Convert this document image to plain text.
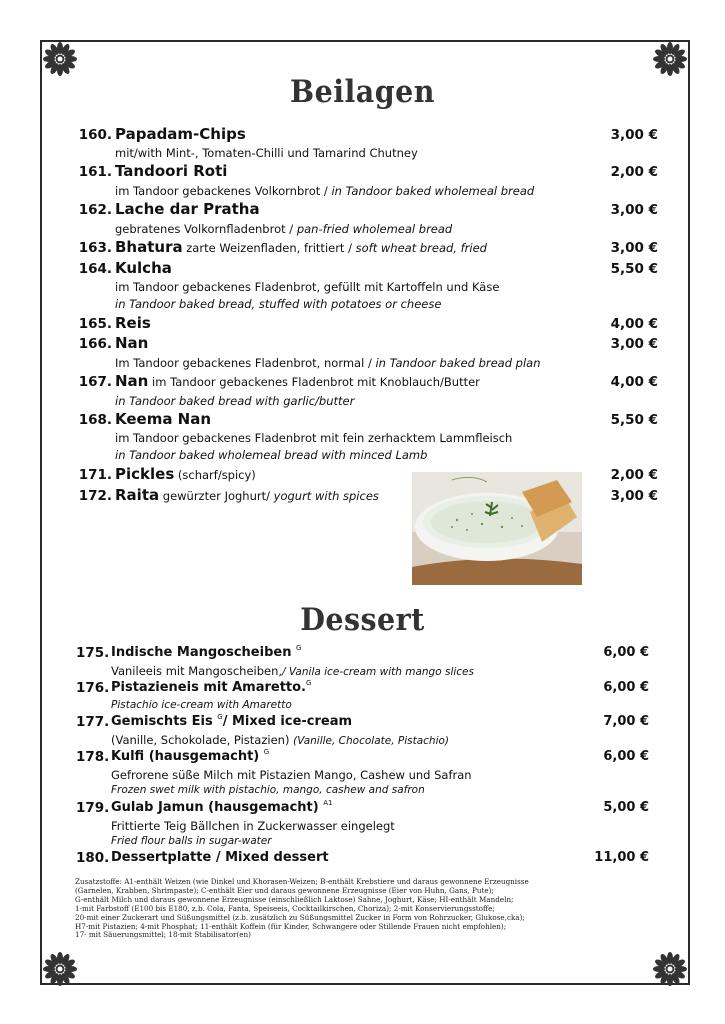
Beilagen
160. Papadam-Chips	3,00 €
mit/with Mint-, Tomaten-Chilli und Tamarind Chutney
161. Tandoori Roti	2,00 €
im Tandoor gebackenes Volkornbrot / in Tandoor baked wholemeal bread
162. Lache dar Pratha	3,00 €
gebratenes Volkornfladenbrot / pan-fried wholemeal bread
163. Bhatura zarte Weizenfladen, frittiert / soft wheat bread, fried	3,00 €
164. Kulcha	5,50 €
im Tandoor gebackenes Fladenbrot, gefüllt mit Kartoffeln und Käse
in Tandoor baked bread, stuffed with potatoes or cheese
165. Reis	4,00 €
166. Nan	3,00 €
Im Tandoor gebackenes Fladenbrot, normal / in Tandoor baked bread plan
167. Nan im Tandoor gebackenes Fladenbrot mit Knoblauch/Butter	4,00 €
in Tandoor baked bread with garlic/butter
168. Keema Nan	5,50 €
im Tandoor gebackenes Fladenbrot mit fein zerhacktem Lammfleisch
in Tandoor baked wholemeal bread with minced Lamb
171. Pickles (scharf/spicy)	2,00 €
172. Raita gewürzter Joghurt/ yogurt with spices	3,00 €
Dessert
175. Indische Mangoscheiben $^G$	6,00 €
Vanileeis mit Mangoscheiben,/ Vanila ice-cream with mango slices
176. Pistazieneis mit Amaretto.$^G$	6,00 €
Pistachio ice-cream with Amaretto
177. Gemischts Eis $^G$/ Mixed ice-cream	7,00 €
(Vanille, Schokolade, Pistazien) (Vanille, Chocolate, Pistachio)
178. Kulfi (hausgemacht) $^G$	6,00 €
Gefrorene süße Milch mit Pistazien Mango, Cashew und Safran
Frozen swet milk with pistachio, mango, cashew and safron
179. Gulab Jamun (hausgemacht) $^{A1}$	5,00 €
Frittierte Teig Bällchen in Zuckerwasser eingelegt
Fried flour balls in sugar-water
180. Dessertplatte / Mixed dessert	11,00 €
Zusatzstoffe: A1-enthält Weizen (wie Dinkel und Khorasen-Weizen; B-enthält Krebstiere und daraus gewonnene Erzeugnisse
(Garnelen, Krabben, Shrimpaste); C-enthält Eier und daraus gewonnene Erzeugnisse (Eier von Huhn, Gans, Pute);
G-enthält Milch und daraus gewonnene Erzeugnisse (einschließlich Laktose) Sahne, Joghurt, Käse; HI-enthält Mandeln;
1-mit Farbstoff (E100 bis E180, z.b. Cola, Fanta, Speiseeis, Cocktailkirschen, Choriza); 2-mit Konservierungsstoffe;
20-mit einer Zuckerart und Süßungsmittel (z.b. zusätzlich zu Süßungsmittel Zucker in Form von Rohrzucker, Glukose,cka);
H7-mit Pistazien; 4-mit Phosphat; 11-enthält Koffein (für Kinder, Schwangere oder Stillende Frauen nicht empfohlen);
17- mit Säuerungsmittel; 18-mit Stabilisator(en)
